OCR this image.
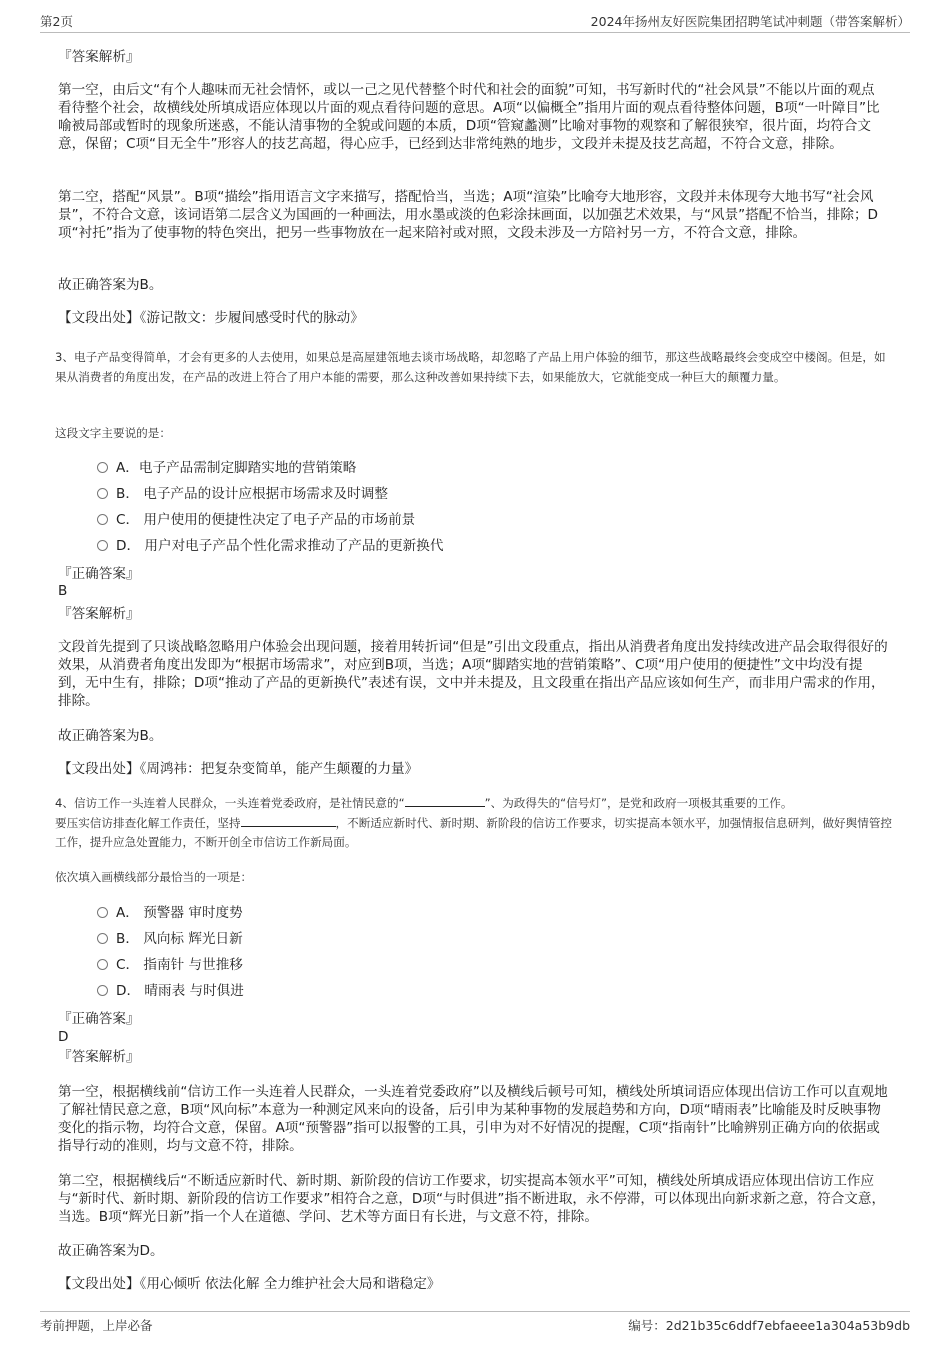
第2页	2024年扬州友好医院集团招聘笔试冲刺题（带答案解析）
『答案解析』
第一空，由后文“有个人趣味而无社会情怀，或以一己之见代替整个时代和社会的面貌”可知，书写新时代的“社会风景”不能以片面的观点看待整个社会，故横线处所填成语应体现以片面的观点看待问题的意思。A项“以偏概全”指用片面的观点看待整体问题，B项“一叶障目”比喻被局部或暂时的现象所迷惑，不能认清事物的全貌或问题的本质，D项“管窥蠡测”比喻对事物的观察和了解很狭窄，很片面，均符合文意，保留；C项“目无全牛”形容人的技艺高超，得心应手，已经到达非常纯熟的地步，文段并未提及技艺高超，不符合文意，排除。
第二空，搭配“风景”。B项“描绘”指用语言文字来描写，搭配恰当，当选；A项“渲染”比喻夸大地形容，文段并未体现夸大地书写“社会风景”，不符合文意，该词语第二层含义为国画的一种画法，用水墨或淡的色彩涂抹画面，以加强艺术效果，与“风景”搭配不恰当，排除；D项“衬托”指为了使事物的特色突出，把另一些事物放在一起来陪衬或对照，文段未涉及一方陪衬另一方，不符合文意，排除。
故正确答案为B。
【文段出处】《游记散文：步履间感受时代的脉动》
3、电子产品变得简单，才会有更多的人去使用，如果总是高屋建瓴地去谈市场战略，却忽略了产品上用户体验的细节，那这些战略最终会变成空中楼阁。但是，如果从消费者的角度出发，在产品的改进上符合了用户本能的需要，那么这种改善如果持续下去，如果能放大，它就能变成一种巨大的颠覆力量。
这段文字主要说的是：
A．电子产品需制定脚踏实地的营销策略
B． 电子产品的设计应根据市场需求及时调整
C． 用户使用的便捷性决定了电子产品的市场前景
D． 用户对电子产品个性化需求推动了产品的更新换代
『正确答案』
B
『答案解析』
文段首先提到了只谈战略忽略用户体验会出现问题，接着用转折词“但是”引出文段重点，指出从消费者角度出发持续改进产品会取得很好的效果，从消费者角度出发即为“根据市场需求”，对应到B项，当选；A项“脚踏实地的营销策略”、C项“用户使用的便捷性”文中均没有提到，无中生有，排除；D项“推动了产品的更新换代”表述有误，文中并未提及，且文段重在指出产品应该如何生产，而非用户需求的作用，排除。
故正确答案为B。
【文段出处】《周鸿祎：把复杂变简单，能产生颠覆的力量》
4、信访工作一头连着人民群众，一头连着党委政府，是社情民意的“	”、为政得失的“信号灯”，是党和政府一项极其重要的工作。
要压实信访排查化解工作责任，坚持	，不断适应新时代、新时期、新阶段的信访工作要求，切实提高本领水平，加强情报信息研判，做好舆情管控工作，提升应急处置能力，不断开创全市信访工作新局面。
依次填入画横线部分最恰当的一项是：
A． 预警器 审时度势
B． 风向标 辉光日新
C． 指南针 与世推移
D． 晴雨表 与时俱进
『正确答案』
D
『答案解析』
第一空，根据横线前“信访工作一头连着人民群众，一头连着党委政府”以及横线后顿号可知，横线处所填词语应体现出信访工作可以直观地了解社情民意之意，B项“风向标”本意为一种测定风来向的设备，后引申为某种事物的发展趋势和方向，D项“晴雨表”比喻能及时反映事物变化的指示物，均符合文意，保留。A项“预警器”指可以报警的工具，引申为对不好情况的提醒，C项“指南针”比喻辨别正确方向的依据或指导行动的准则，均与文意不符，排除。
第二空，根据横线后“不断适应新时代、新时期、新阶段的信访工作要求，切实提高本领水平”可知，横线处所填成语应体现出信访工作应与“新时代、新时期、新阶段的信访工作要求”相符合之意，D项“与时俱进”指不断进取，永不停滞，可以体现出向新求新之意，符合文意，当选。B项“辉光日新”指一个人在道德、学问、艺术等方面日有长进，与文意不符，排除。
故正确答案为D。
【文段出处】《用心倾听 依法化解 全力维护社会大局和谐稳定》
考前押题，上岸必备	编号：2d21b35c6ddf7ebfaeee1a304a53b9db
